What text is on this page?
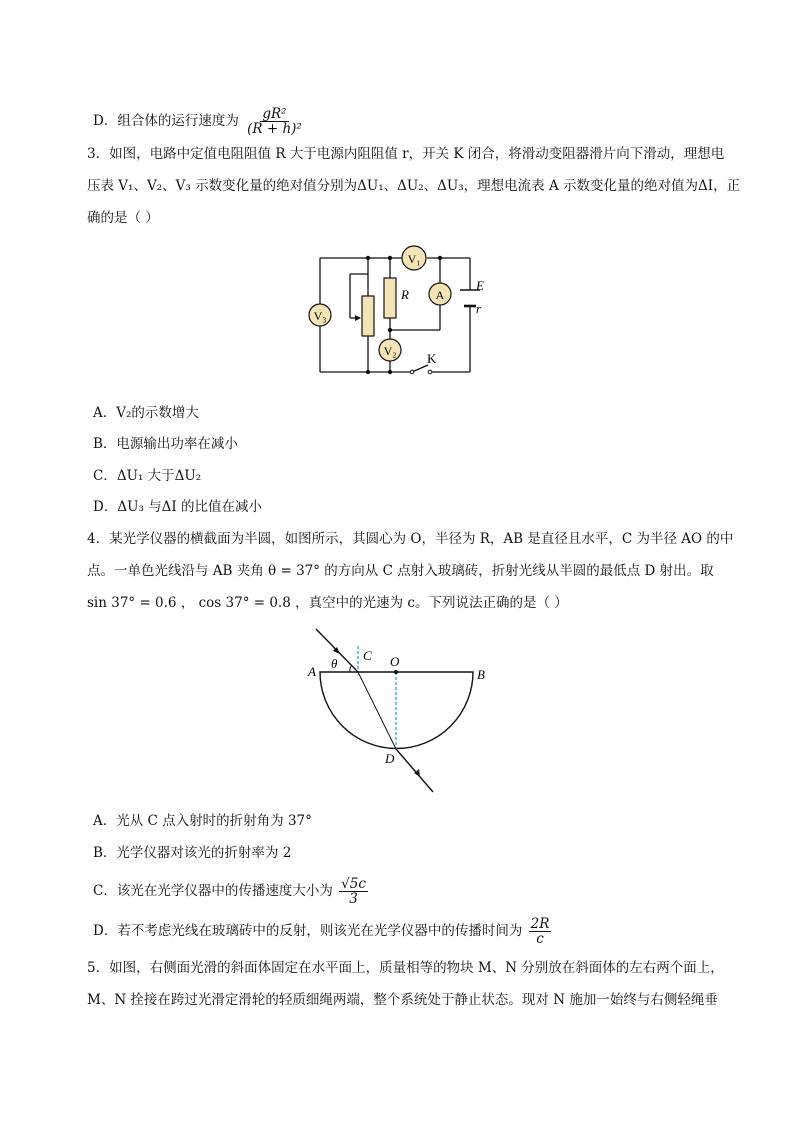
D．组合体的运行速度为 $\frac{\text{gR²}}{\text{(R + h)²}}$
3．如图，电路中定值电阻阻值 R 大于电源内阻阻值 r，开关 K 闭合，将滑动变阻器滑片向下滑动，理想电
压表 V₁、V₂、V₃ 示数变化量的绝对值分别为ΔU₁、ΔU₂、ΔU₃，理想电流表 A 示数变化量的绝对值为ΔI，正
确的是（ ）
R
E
r
V₁
A
V₃
V₂ K
A．V₂的示数增大
B．电源输出功率在减小
C．ΔU₁ 大于ΔU₂
D．ΔU₃ 与ΔI 的比值在减小
4．某光学仪器的横截面为半圆，如图所示，其圆心为 O，半径为 R，AB 是直径且水平，C 为半径 AO 的中
点。一单色光线沿与 AB 夹角 θ = 37° 的方向从 C 点射入玻璃砖，折射光线从半圆的最低点 D 射出。取
sin 37° = 0.6 ， cos 37° = 0.8 ，真空中的光速为 c。下列说法正确的是（ ）
A	B
C O
D
θ
A．光从 C 点入射时的折射角为 37°
B．光学仪器对该光的折射率为 2
C．该光在光学仪器中的传播速度大小为 $\frac{√5c}{3}$
D．若不考虑光线在玻璃砖中的反射，则该光在光学仪器中的传播时间为 $\frac{2R}{c}$
5．如图，右侧面光滑的斜面体固定在水平面上，质量相等的物块 M、N 分别放在斜面体的左右两个面上，
M、N 拴接在跨过光滑定滑轮的轻质细绳两端，整个系统处于静止状态。现对 N 施加一始终与右侧轻绳垂
